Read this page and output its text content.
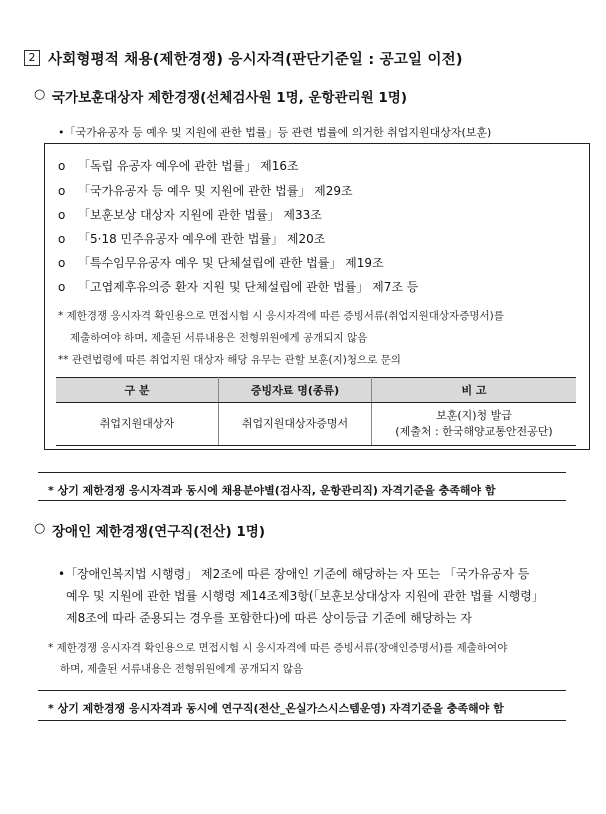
2 사회형평적 채용(제한경쟁) 응시자격(판단기준일 : 공고일 이전)
○ 국가보훈대상자 제한경쟁(선체검사원 1명, 운항관리원 1명)
•「국가유공자 등 예우 및 지원에 관한 법률」등 관련 법률에 의거한 취업지원대상자(보훈)
o 「독립 유공자 예우에 관한 법률」 제16조
o 「국가유공자 등 예우 및 지원에 관한 법률」 제29조
o 「보훈보상 대상자 지원에 관한 법률」 제33조
o 「5·18 민주유공자 예우에 관한 법률」 제20조
o 「특수임무유공자 예우 및 단체설립에 관한 법률」 제19조
o 「고엽제후유의증 환자 지원 및 단체설립에 관한 법률」 제7조 등
* 제한경쟁 응시자격 확인용으로 면접시험 시 응시자격에 따른 증빙서류(취업지원대상자증명서)를
제출하여야 하며, 제출된 서류내용은 전형위원에게 공개되지 않음
** 관련법령에 따른 취업지원 대상자 해당 유무는 관할 보훈(지)청으로 문의
구 분	증빙자료 명(종류)	비 고
취업지원대상자	취업지원대상자증명서	보훈(지)청 발급
(제출처 : 한국해양교통안전공단)
* 상기 제한경쟁 응시자격과 동시에 채용분야별(검사직, 운항관리직) 자격기준을 충족해야 함
○ 장애인 제한경쟁(연구직(전산) 1명)
•「장애인복지법 시행령」 제2조에 따른 장애인 기준에 해당하는 자 또는 「국가유공자 등
예우 및 지원에 관한 법률 시행령 제14조제3항(「보훈보상대상자 지원에 관한 법률 시행령」
제8조에 따라 준용되는 경우를 포함한다)에 따른 상이등급 기준에 해당하는 자
* 제한경쟁 응시자격 확인용으로 면접시험 시 응시자격에 따른 증빙서류(장애인증명서)를 제출하여야
하며, 제출된 서류내용은 전형위원에게 공개되지 않음
* 상기 제한경쟁 응시자격과 동시에 연구직(전산_온실가스시스템운영) 자격기준을 충족해야 함
